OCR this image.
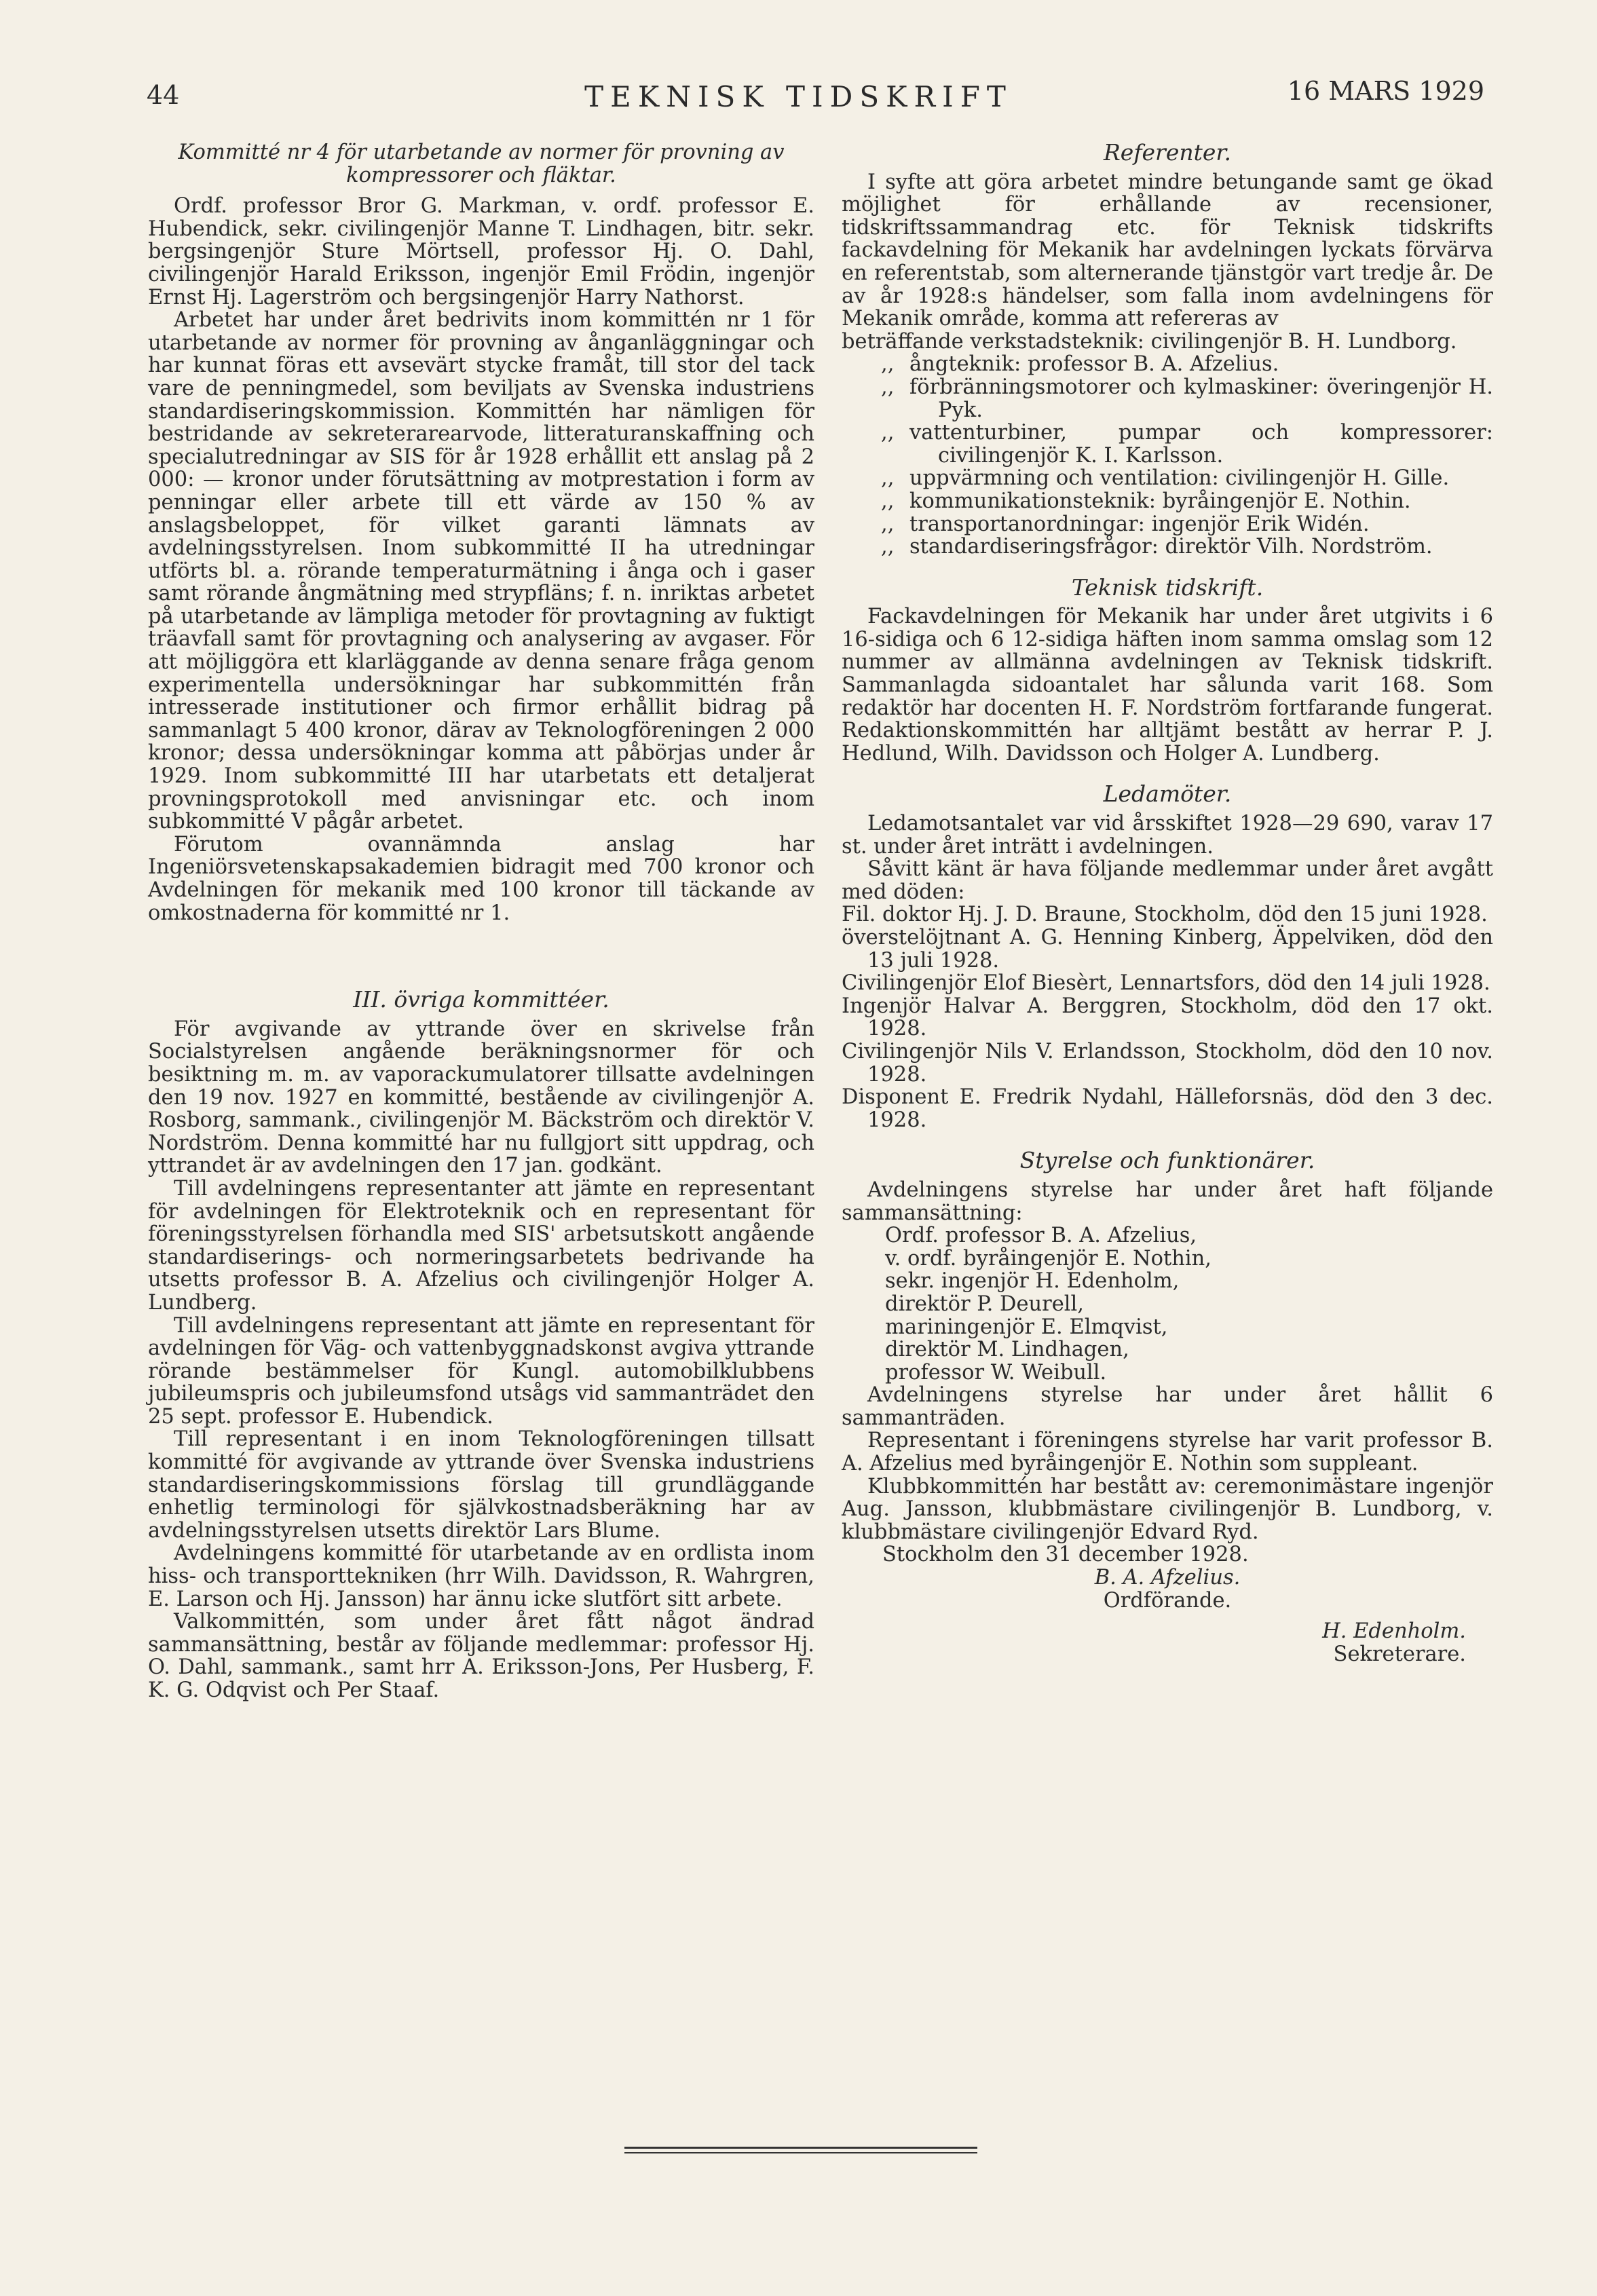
44	TEKNISK TIDSKRIFT	16 MARS 1929

Kommitté nr 4 för utarbetande av normer för provning av kompressorer och fläktar.

Ordf. professor Bror G. Markman, v. ordf. professor E. Hubendick, sekr. civilingenjör Manne T. Lindhagen, bitr. sekr. bergsingenjör Sture Mörtsell, professor Hj. O. Dahl, civilingenjör Harald Eriksson, ingenjör Emil Frödin, ingenjör Ernst Hj. Lagerström och bergsingenjör Harry Nathorst.

Arbetet har under året bedrivits inom kommittén nr 1 för utarbetande av normer för provning av ånganläggningar och har kunnat föras ett avsevärt stycke framåt, till stor del tack vare de penningmedel, som beviljats av Svenska industriens standardiseringskommission. Kommittén har nämligen för bestridande av sekreterarearvode, litteraturanskaffning och specialutredningar av SIS för år 1928 erhållit ett anslag på 2 000: — kronor under förutsättning av motprestation i form av penningar eller arbete till ett värde av 150 % av anslagsbeloppet, för vilket garanti lämnats av avdelningsstyrelsen. Inom subkommitté II ha utredningar utförts bl. a. rörande temperaturmätning i ånga och i gaser samt rörande ångmätning med strypfläns; f. n. inriktas arbetet på utarbetande av lämpliga metoder för provtagning av fuktigt träavfall samt för provtagning och analysering av avgaser. För att möjliggöra ett klarläggande av denna senare fråga genom experimentella undersökningar har subkommittén från intresserade institutioner och firmor erhållit bidrag på sammanlagt 5 400 kronor, därav av Teknologföreningen 2 000 kronor; dessa undersökningar komma att påbörjas under år 1929. Inom subkommitté III har utarbetats ett detaljerat provningsprotokoll med anvisningar etc. och inom subkommitté V pågår arbetet.

Förutom ovannämnda anslag har Ingeniörsvetenskapsakademien bidragit med 700 kronor och Avdelningen för mekanik med 100 kronor till täckande av omkostnaderna för kommitté nr 1.

III. övriga kommittéer.

För avgivande av yttrande över en skrivelse från Socialstyrelsen angående beräkningsnormer för och besiktning m. m. av vaporackumulatorer tillsatte avdelningen den 19 nov. 1927 en kommitté, bestående av civilingenjör A. Rosborg, sammank., civilingenjör M. Bäckström och direktör V. Nordström. Denna kommitté har nu fullgjort sitt uppdrag, och yttrandet är av avdelningen den 17 jan. godkänt.

Till avdelningens representanter att jämte en representant för avdelningen för Elektroteknik och en representant för föreningsstyrelsen förhandla med SIS' arbetsutskott angående standardiserings- och normeringsarbetets bedrivande ha utsetts professor B. A. Afzelius och civilingenjör Holger A. Lundberg.

Till avdelningens representant att jämte en representant för avdelningen för Väg- och vattenbyggnadskonst avgiva yttrande rörande bestämmelser för Kungl. automobilklubbens jubileumspris och jubileumsfond utsågs vid sammanträdet den 25 sept. professor E. Hubendick.

Till representant i en inom Teknologföreningen tillsatt kommitté för avgivande av yttrande över Svenska industriens standardiseringskommissions förslag till grundläggande enhetlig terminologi för självkostnadsberäkning har av avdelningsstyrelsen utsetts direktör Lars Blume.

Avdelningens kommitté för utarbetande av en ordlista inom hiss- och transporttekniken (hrr Wilh. Davidsson, R. Wahrgren, E. Larson och Hj. Jansson) har ännu icke slutfört sitt arbete.

Valkommittén, som under året fått något ändrad sammansättning, består av följande medlemmar: professor Hj. O. Dahl, sammank., samt hrr A. Eriksson-Jons, Per Husberg, F. K. G. Odqvist och Per Staaf.

Referenter.

I syfte att göra arbetet mindre betungande samt ge ökad möjlighet för erhållande av recensioner, tidskriftssammandrag etc. för Teknisk tidskrifts fackavdelning för Mekanik har avdelningen lyckats förvärva en referentstab, som alternerande tjänstgör vart tredje år. De av år 1928:s händelser, som falla inom avdelningens för Mekanik område, komma att refereras av

beträffande verkstadsteknik: civilingenjör B. H. Lundborg.

,, ångteknik: professor B. A. Afzelius.
,, förbränningsmotorer och kylmaskiner: överingenjör H. Pyk.
,, vattenturbiner, pumpar och kompressorer: civilingenjör K. I. Karlsson.
,, uppvärmning och ventilation: civilingenjör H. Gille.
,, kommunikationsteknik: byråingenjör E. Nothin.
,, transportanordningar: ingenjör Erik Widén.
,, standardiseringsfrågor: direktör Vilh. Nordström.

Teknisk tidskrift.

Fackavdelningen för Mekanik har under året utgivits i 6 16-sidiga och 6 12-sidiga häften inom samma omslag som 12 nummer av allmänna avdelningen av Teknisk tidskrift. Sammanlagda sidoantalet har sålunda varit 168. Som redaktör har docenten H. F. Nordström fortfarande fungerat. Redaktionskommittén har alltjämt bestått av herrar P. J. Hedlund, Wilh. Davidsson och Holger A. Lundberg.

Ledamöter.

Ledamotsantalet var vid årsskiftet 1928—29 690, varav 17 st. under året inträtt i avdelningen.

Såvitt känt är hava följande medlemmar under året avgått med döden:

Fil. doktor Hj. J. D. Braune, Stockholm, död den 15 juni 1928.

överstelöjtnant A. G. Henning Kinberg, Äppelviken, död den 13 juli 1928.

Civilingenjör Elof Biesèrt, Lennartsfors, död den 14 juli 1928.

Ingenjör Halvar A. Berggren, Stockholm, död den 17 okt. 1928.

Civilingenjör Nils V. Erlandsson, Stockholm, död den 10 nov. 1928.

Disponent E. Fredrik Nydahl, Hälleforsnäs, död den 3 dec. 1928.

Styrelse och funktionärer.

Avdelningens styrelse har under året haft följande sammansättning:

Ordf. professor B. A. Afzelius,

v. ordf. byråingenjör E. Nothin,

sekr. ingenjör H. Edenholm,

direktör P. Deurell,

mariningenjör E. Elmqvist,

direktör M. Lindhagen,

professor W. Weibull.

Avdelningens styrelse har under året hållit 6 sammanträden.

Representant i föreningens styrelse har varit professor B. A. Afzelius med byråingenjör E. Nothin som suppleant.

Klubbkommittén har bestått av: ceremonimästare ingenjör Aug. Jansson, klubbmästare civilingenjör B. Lundborg, v. klubbmästare civilingenjör Edvard Ryd.

Stockholm den 31 december 1928.

B. A. Afzelius.

Ordförande.

H. Edenholm.

Sekreterare.
